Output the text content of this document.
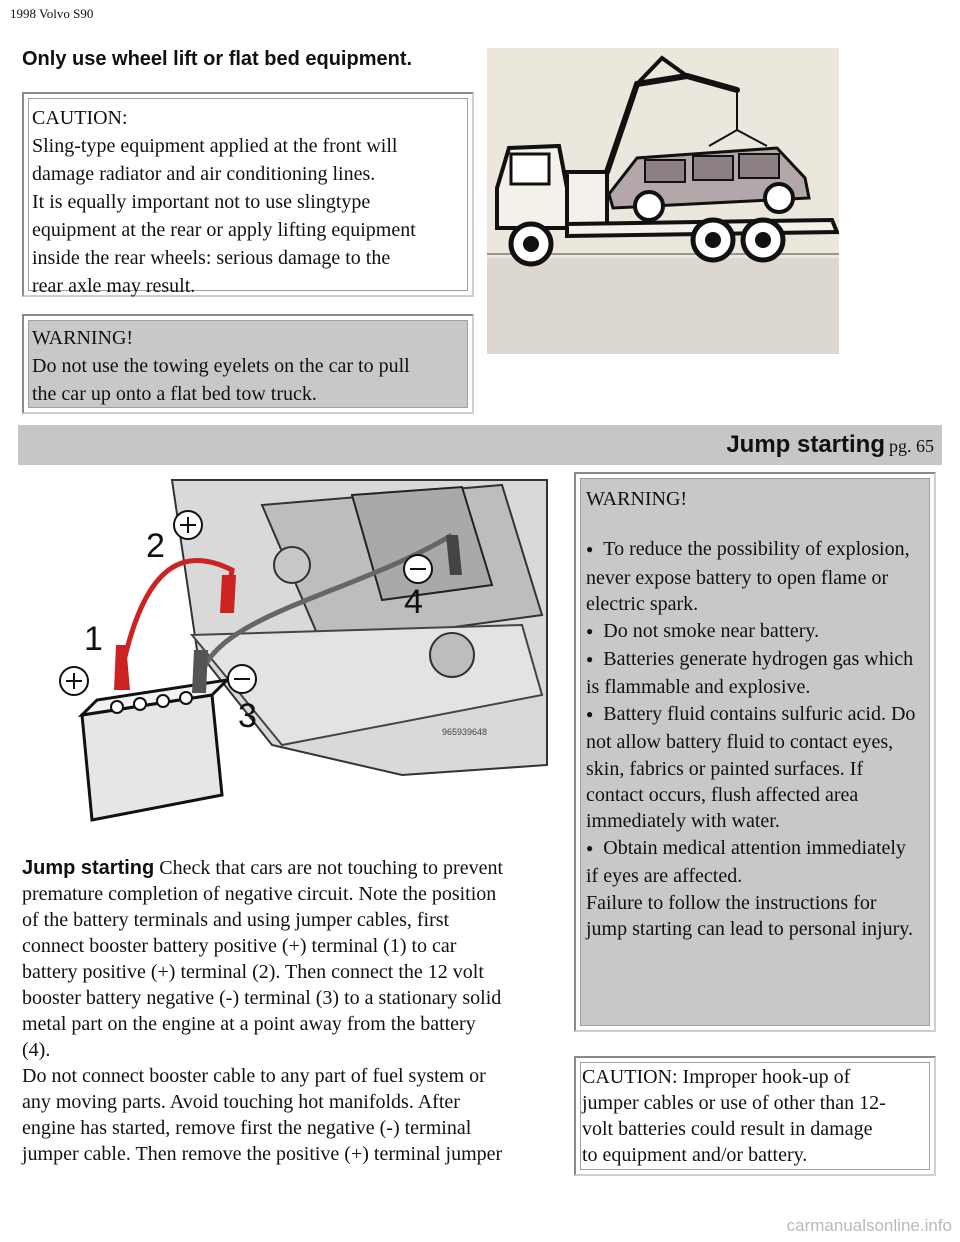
1998 Volvo S90
Only use wheel lift or flat bed equipment.
CAUTION:
Sling-type equipment applied at the front will
damage radiator and air conditioning lines.
It is equally important not to use slingtype
equipment at the rear or apply lifting equipment
inside the rear wheels: serious damage to the
rear axle may result.
WARNING!
Do not use the towing eyelets on the car to pull
the car up onto a flat bed tow truck.
Jump starting pg. 65
1
2
3
4
965939648
Jump starting Check that cars are not touching to prevent
premature completion of negative circuit. Note the position
of the battery terminals and using jumper cables, first
connect booster battery positive (+) terminal (1) to car
battery positive (+) terminal (2). Then connect the 12 volt
booster battery negative (-) terminal (3) to a stationary solid
metal part on the engine at a point away from the battery
(4).
Do not connect booster cable to any part of fuel system or
any moving parts. Avoid touching hot manifolds. After
engine has started, remove first the negative (-) terminal
jumper cable. Then remove the positive (+) terminal jumper
WARNING!
● To reduce the possibility of explosion, never expose battery to open flame or electric spark.
● Do not smoke near battery.
● Batteries generate hydrogen gas which is flammable and explosive.
● Battery fluid contains sulfuric acid. Do not allow battery fluid to contact eyes, skin, fabrics or painted surfaces. If contact occurs, flush affected area immediately with water.
● Obtain medical attention immediately if eyes are affected.
Failure to follow the instructions for jump starting can lead to personal injury.
CAUTION: Improper hook-up of
jumper cables or use of other than 12-
volt batteries could result in damage
to equipment and/or battery.
carmanualsonline.info
